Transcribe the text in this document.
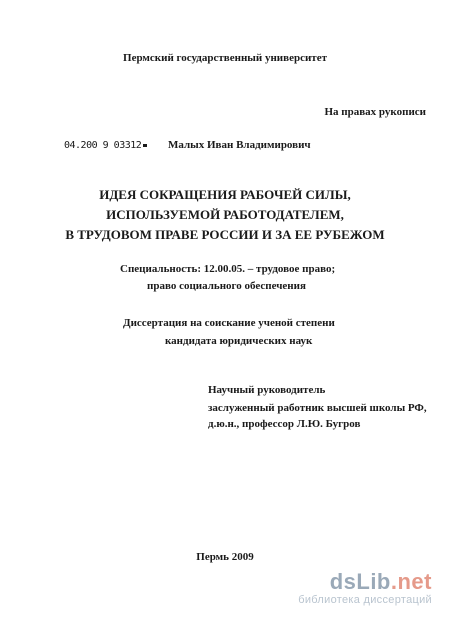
Пермский государственный университет
На правах рукописи
04.200 9 03312	Малых Иван Владимирович
ИДЕЯ СОКРАЩЕНИЯ РАБОЧЕЙ СИЛЫ,
ИСПОЛЬЗУЕМОЙ РАБОТОДАТЕЛЕМ,
В ТРУДОВОМ ПРАВЕ РОССИИ И ЗА ЕЕ РУБЕЖОМ
Специальность: 12.00.05. – трудовое право;
право социального обеспечения
Диссертация на соискание ученой степени
кандидата юридических наук
Научный руководитель
заслуженный работник высшей школы РФ,
д.ю.н., профессор Л.Ю. Бугров
Пермь 2009
dsLib.net
библиотека диссертаций
